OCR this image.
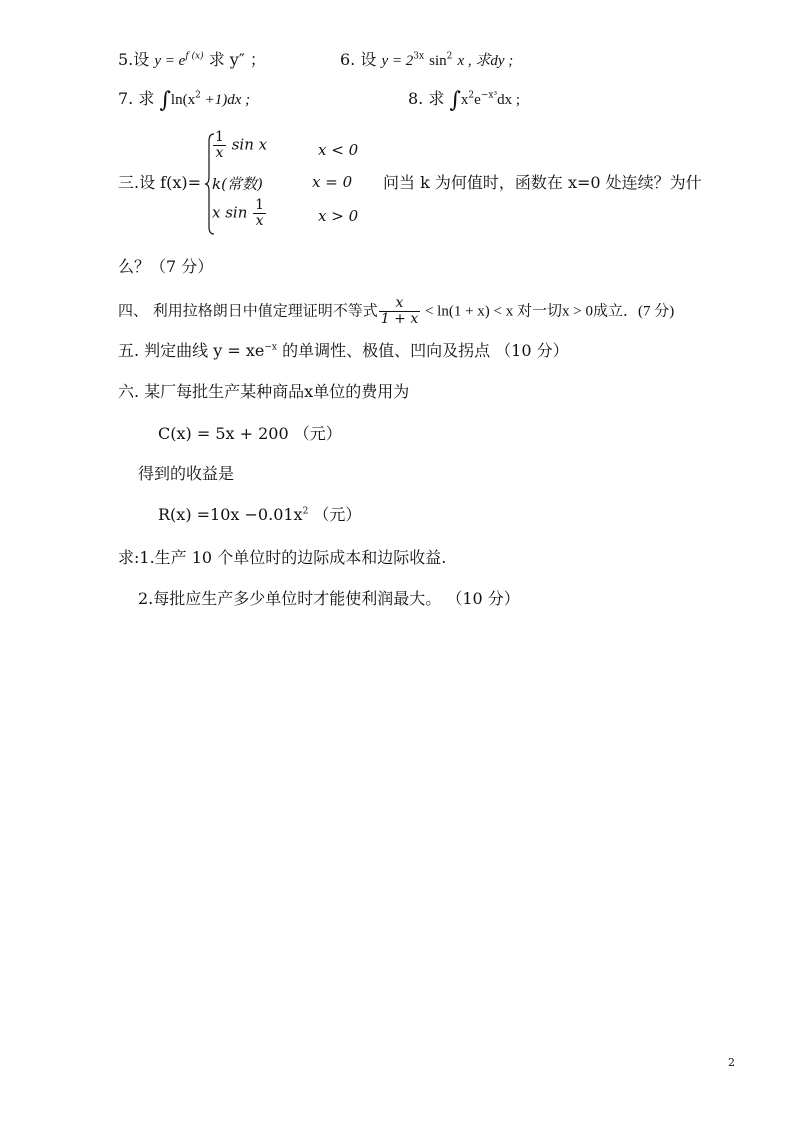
5.设 $y = e^{f (x)}$ 求 y″ ；	6. 设 $y = 2^{3x}$ $\sin^2 x$ , 求dy ;
7. 求 $\int\ln(x^2 +1)dx$ ;	8. 求 $\int x^2e^{-x^3}dx$ ;
三.设 f(x)=
$\frac{1}{x}$ sin x	x < 0
k(常数)	x = 0
x $\sin \frac{1}{x}$	x > 0
问当 k 为何值时，函数在 x=0 处连续？为什
么？（7 分）
四、 利用拉格朗日中值定理证明不等式 $\frac{x}{1 + x} < \ln(1 + x) < x$ 对一切x > 0成立．(7 分)
五. 判定曲线 $y = xe^{-x}$ 的单调性、极值、凹向及拐点 （10 分）
六. 某厂每批生产某种商品x单位的费用为
C(x) = 5x + 200 （元）
得到的收益是
$R(x) =10x -0.01x^2$ （元）
求:1.生产 10 个单位时的边际成本和边际收益.
2.每批应生产多少单位时才能使利润最大。 （10 分）
2
